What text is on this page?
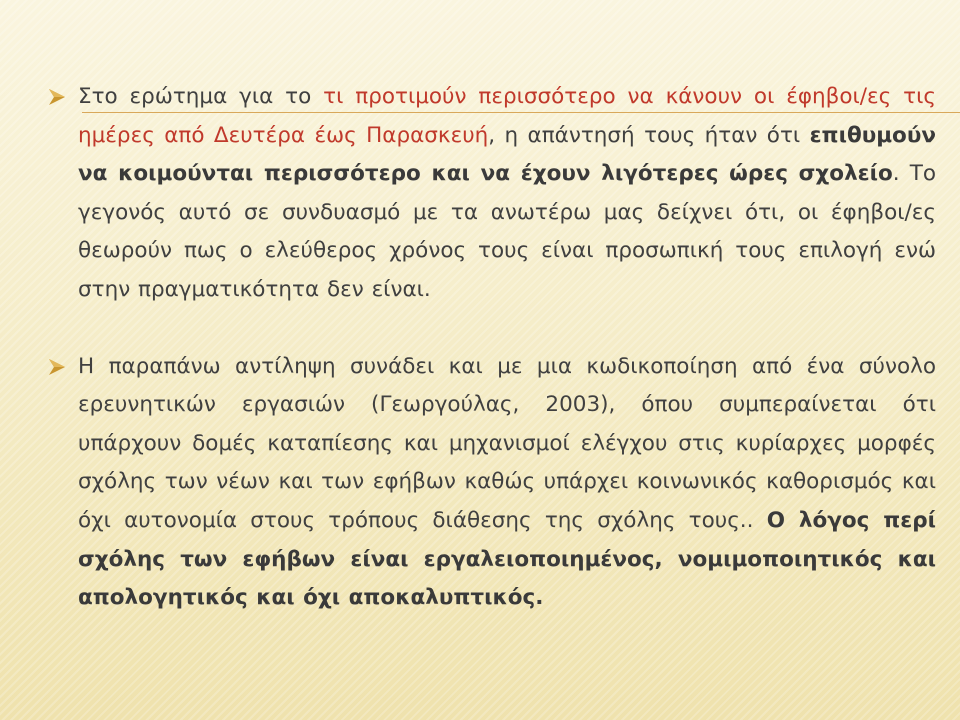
Στο ερώτημα για το τι προτιμούν περισσότερο να κάνουν οι έφηβοι/ες τις ημέρες από Δευτέρα έως Παρασκευή, η απάντησή τους ήταν ότι επιθυμούν να κοιμούνται περισσότερο και να έχουν λιγότερες ώρες σχολείο. Το γεγονός αυτό σε συνδυασμό με τα ανωτέρω μας δείχνει ότι, οι έφηβοι/ες θεωρούν πως ο ελεύθερος χρόνος τους είναι προσωπική τους επιλογή ενώ στην πραγματικότητα δεν είναι.
Η παραπάνω αντίληψη συνάδει και με μια κωδικοποίηση από ένα σύνολο ερευνητικών εργασιών (Γεωργούλας, 2003), όπου συμπεραίνεται ότι υπάρχουν δομές καταπίεσης και μηχανισμοί ελέγχου στις κυρίαρχες μορφές σχόλης των νέων και των εφήβων καθώς υπάρχει κοινωνικός καθορισμός και όχι αυτονομία στους τρόπους διάθεσης της σχόλης τους.. Ο λόγος περί σχόλης των εφήβων είναι εργαλειοποιημένος, νομιμοποιητικός και απολογητικός και όχι αποκαλυπτικός.
